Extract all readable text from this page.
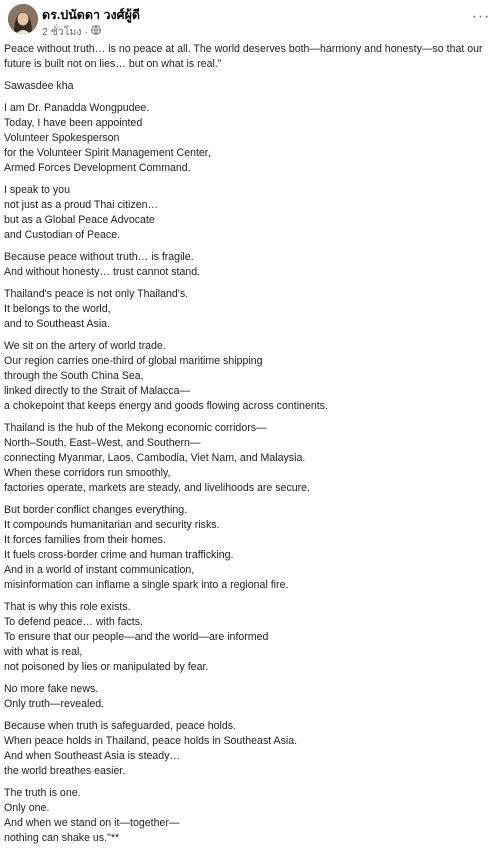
ดร.ปนัดดา วงศ์ผู้ดี
2 ชั่วโมง ·
···
Peace without truth… is no peace at all. The world deserves both—harmony and honesty—so that our future is built not on lies… but on what is real."
Sawasdee kha
I am Dr. Panadda Wongpudee.
Today, I have been appointed
Volunteer Spokesperson
for the Volunteer Spirit Management Center,
Armed Forces Development Command.
I speak to you
not just as a proud Thai citizen…
but as a Global Peace Advocate
and Custodian of Peace.
Because peace without truth… is fragile.
And without honesty… trust cannot stand.
Thailand's peace is not only Thailand's.
It belongs to the world,
and to Southeast Asia.
We sit on the artery of world trade.
Our region carries one-third of global maritime shipping
through the South China Sea,
linked directly to the Strait of Malacca—
a chokepoint that keeps energy and goods flowing across continents.
Thailand is the hub of the Mekong economic corridors—
North–South, East–West, and Southern—
connecting Myanmar, Laos, Cambodia, Viet Nam, and Malaysia.
When these corridors run smoothly,
factories operate, markets are steady, and livelihoods are secure.
But border conflict changes everything.
It compounds humanitarian and security risks.
It forces families from their homes.
It fuels cross-border crime and human trafficking.
And in a world of instant communication,
misinformation can inflame a single spark into a regional fire.
That is why this role exists.
To defend peace… with facts.
To ensure that our people—and the world—are informed
with what is real,
not poisoned by lies or manipulated by fear.
No more fake news.
Only truth—revealed.
Because when truth is safeguarded, peace holds.
When peace holds in Thailand, peace holds in Southeast Asia.
And when Southeast Asia is steady…
the world breathes easier.
The truth is one.
Only one.
And when we stand on it—together—
nothing can shake us."**
